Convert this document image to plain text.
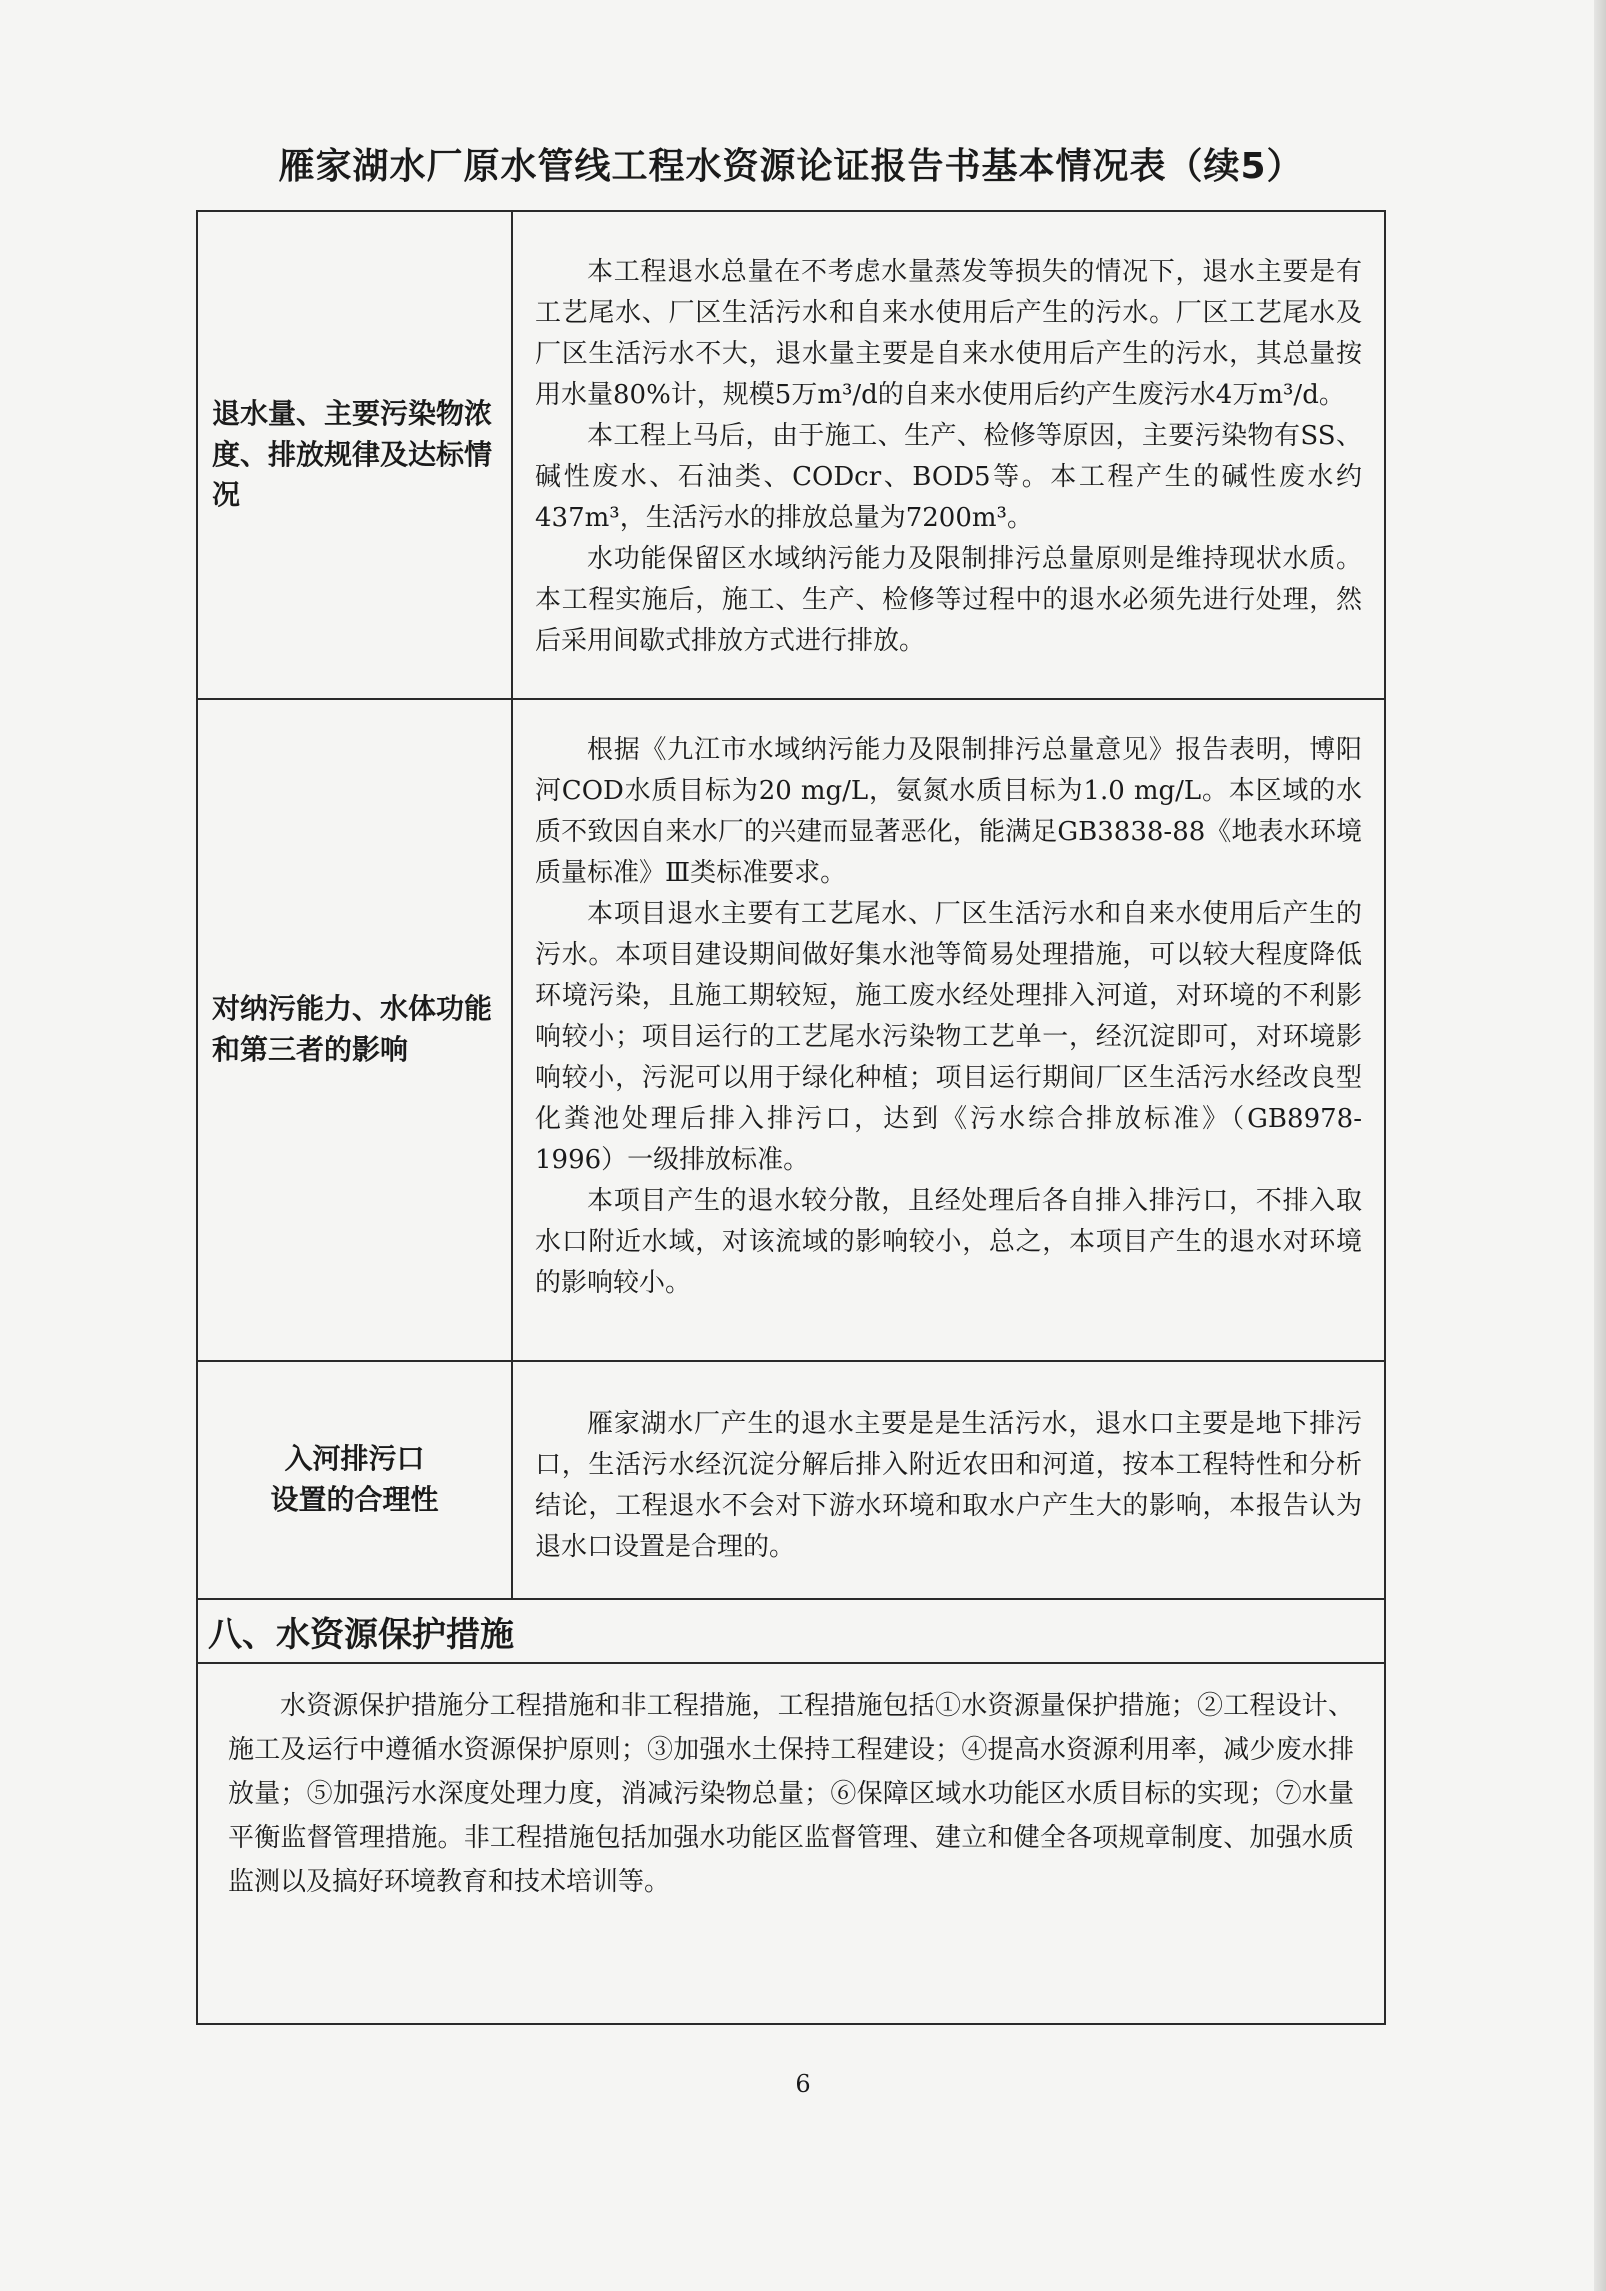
雁家湖水厂原水管线工程水资源论证报告书基本情况表（续5）
退水量、主要污染物浓度、排放规律及达标情况

本工程退水总量在不考虑水量蒸发等损失的情况下，退水主要是有工艺尾水、厂区生活污水和自来水使用后产生的污水。厂区工艺尾水及厂区生活污水不大，退水量主要是自来水使用后产生的污水，其总量按用水量80%计，规模5万m³/d的自来水使用后约产生废污水4万m³/d。

本工程上马后，由于施工、生产、检修等原因，主要污染物有SS、碱性废水、石油类、CODcr、BOD5等。本工程产生的碱性废水约437m³，生活污水的排放总量为7200m³。

水功能保留区水域纳污能力及限制排污总量原则是维持现状水质。本工程实施后，施工、生产、检修等过程中的退水必须先进行处理，然后采用间歇式排放方式进行排放。

对纳污能力、水体功能和第三者的影响

根据《九江市水域纳污能力及限制排污总量意见》报告表明，博阳河COD水质目标为20 mg/L，氨氮水质目标为1.0 mg/L。本区域的水质不致因自来水厂的兴建而显著恶化，能满足GB3838-88《地表水环境质量标准》Ⅲ类标准要求。

本项目退水主要有工艺尾水、厂区生活污水和自来水使用后产生的污水。本项目建设期间做好集水池等简易处理措施，可以较大程度降低环境污染，且施工期较短，施工废水经处理排入河道，对环境的不利影响较小；项目运行的工艺尾水污染物工艺单一，经沉淀即可，对环境影响较小，污泥可以用于绿化种植；项目运行期间厂区生活污水经改良型化粪池处理后排入排污口，达到《污水综合排放标准》（GB8978-1996）一级排放标准。

本项目产生的退水较分散，且经处理后各自排入排污口，不排入取水口附近水域，对该流域的影响较小，总之，本项目产生的退水对环境的影响较小。

入河排污口
设置的合理性

雁家湖水厂产生的退水主要是是生活污水，退水口主要是地下排污口，生活污水经沉淀分解后排入附近农田和河道，按本工程特性和分析结论，工程退水不会对下游水环境和取水户产生大的影响，本报告认为退水口设置是合理的。

八、水资源保护措施

水资源保护措施分工程措施和非工程措施，工程措施包括①水资源量保护措施；②工程设计、施工及运行中遵循水资源保护原则；③加强水土保持工程建设；④提高水资源利用率，减少废水排放量；⑤加强污水深度处理力度，消减污染物总量；⑥保障区域水功能区水质目标的实现；⑦水量平衡监督管理措施。非工程措施包括加强水功能区监督管理、建立和健全各项规章制度、加强水质监测以及搞好环境教育和技术培训等。

6
